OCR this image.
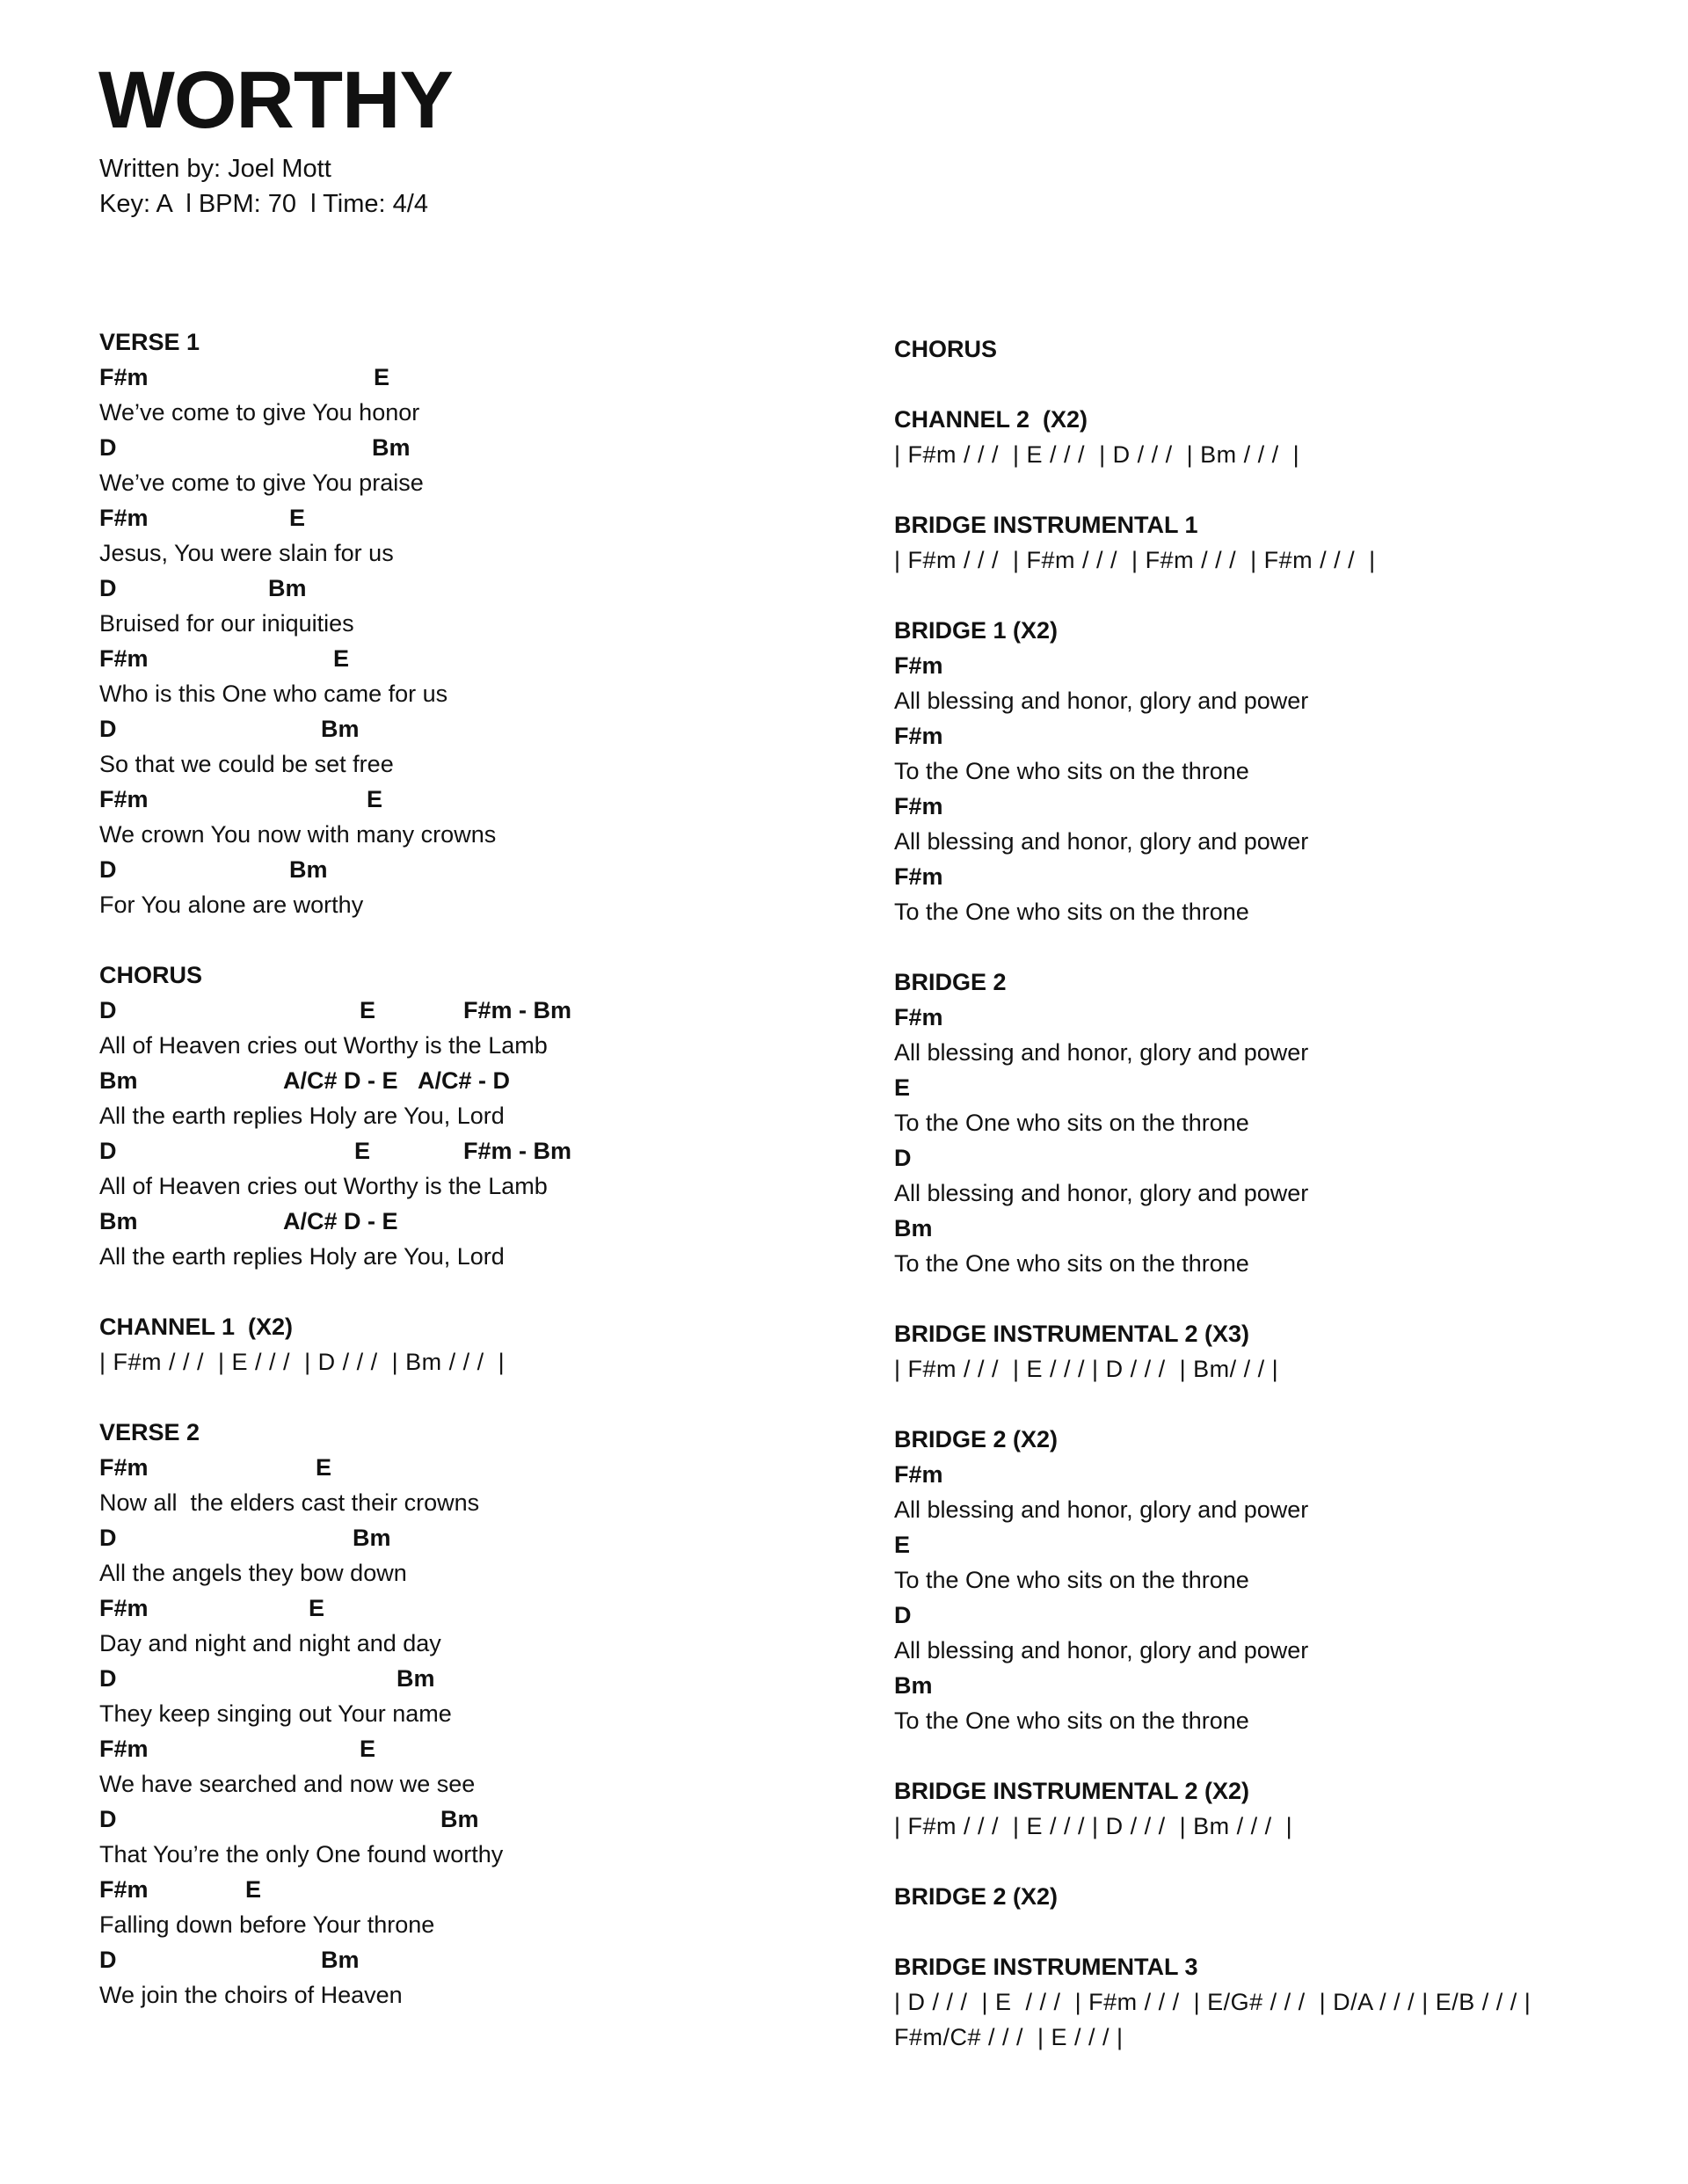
WORTHY
Written by: Joel Mott
Key: A  l BPM: 70  l Time: 4/4
VERSE 1
F#m	E
We’ve come to give You honor
D	Bm
We’ve come to give You praise
F#m	E
Jesus, You were slain for us
D	Bm
Bruised for our iniquities
F#m	E
Who is this One who came for us
D	Bm
So that we could be set free
F#m	E
We crown You now with many crowns
D	Bm
For You alone are worthy
CHORUS
D	E	F#m - Bm
All of Heaven cries out Worthy is the Lamb
Bm	A/C# D - E A/C# - D
All the earth replies Holy are You, Lord
D	E	F#m - Bm
All of Heaven cries out Worthy is the Lamb
Bm	A/C# D - E
All the earth replies Holy are You, Lord
CHANNEL 1  (X2)
| F#m / / /  | E / / /  | D / / /  | Bm / / /  |
VERSE 2
F#m	E
Now all  the elders cast their crowns
D	Bm
All the angels they bow down
F#m	E
Day and night and night and day
D	Bm
They keep singing out Your name
F#m	E
We have searched and now we see
D	Bm
That You’re the only One found worthy
F#m	E
Falling down before Your throne
D	Bm
We join the choirs of Heaven
CHORUS
CHANNEL 2  (X2)
| F#m / / /  | E / / /  | D / / /  | Bm / / /  |
BRIDGE INSTRUMENTAL 1
| F#m / / /  | F#m / / /  | F#m / / /  | F#m / / /  |
BRIDGE 1 (X2)
F#m
All blessing and honor, glory and power
F#m
To the One who sits on the throne
F#m
All blessing and honor, glory and power
F#m
To the One who sits on the throne
BRIDGE 2
F#m
All blessing and honor, glory and power
E
To the One who sits on the throne
D
All blessing and honor, glory and power
Bm
To the One who sits on the throne
BRIDGE INSTRUMENTAL 2 (X3)
| F#m / / /  | E / / / | D / / /  | Bm/ / / |
BRIDGE 2 (X2)
F#m
All blessing and honor, glory and power
E
To the One who sits on the throne
D
All blessing and honor, glory and power
Bm
To the One who sits on the throne
BRIDGE INSTRUMENTAL 2 (X2)
| F#m / / /  | E / / / | D / / /  | Bm / / /  |
BRIDGE 2 (X2)
BRIDGE INSTRUMENTAL 3
| D / / /  | E  / / /  | F#m / / /  | E/G# / / /  | D/A / / / | E/B / / / |
F#m/C# / / /  | E / / / |
